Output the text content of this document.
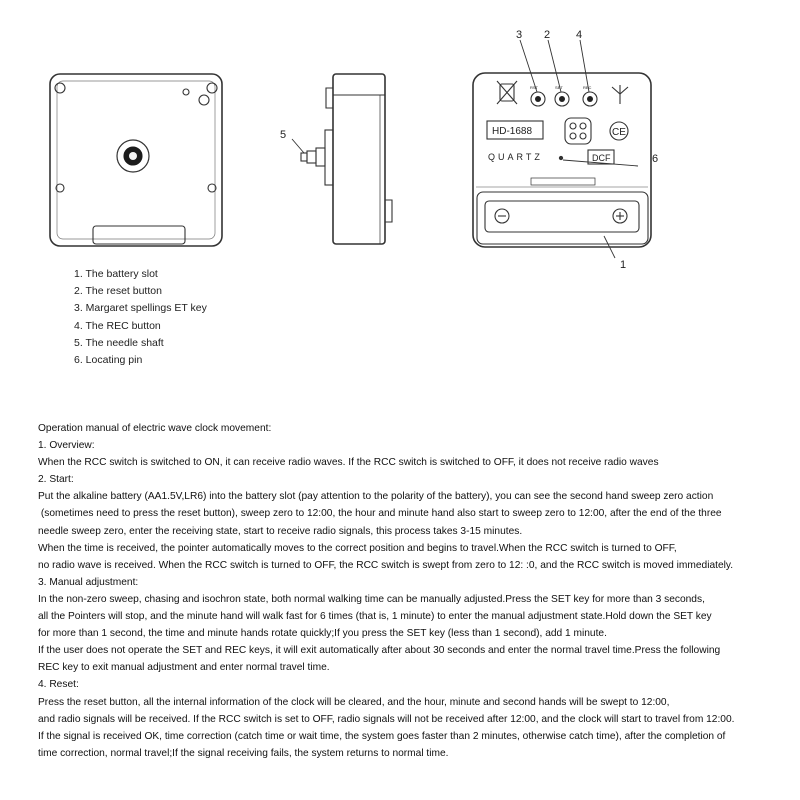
3 2 4
5
6
1
HD-1688
QUARTZ	DCF
CE
RST	SET	REC
1. The battery slot
2. The reset button
3. Margaret spellings ET key
4. The REC button
5. The needle shaft
6. Locating pin

Operation manual of electric wave clock movement:

1. Overview:

When the RCC switch is switched to ON, it can receive radio waves. If the RCC switch is switched to OFF, it does not receive radio waves

2. Start:

Put the alkaline battery (AA1.5V,LR6) into the battery slot (pay attention to the polarity of the battery), you can see the second hand sweep zero action

(sometimes need to press the reset button), sweep zero to 12:00, the hour and minute hand also start to sweep zero to 12:00, after the end of the three

needle sweep zero, enter the receiving state, start to receive radio signals, this process takes 3-15 minutes.

When the time is received, the pointer automatically moves to the correct position and begins to travel.When the RCC switch is turned to OFF,

no radio wave is received. When the RCC switch is turned to OFF, the RCC switch is swept from zero to 12: :0, and the RCC switch is moved immediately.

3. Manual adjustment:

In the non-zero sweep, chasing and isochron state, both normal walking time can be manually adjusted.Press the SET key for more than 3 seconds,

all the Pointers will stop, and the minute hand will walk fast for 6 times (that is, 1 minute) to enter the manual adjustment state.Hold down the SET key

for more than 1 second, the time and minute hands rotate quickly;If you press the SET key (less than 1 second), add 1 minute.

If the user does not operate the SET and REC keys, it will exit automatically after about 30 seconds and enter the normal travel time.Press the following

REC key to exit manual adjustment and enter normal travel time.

4. Reset:

Press the reset button, all the internal information of the clock will be cleared, and the hour, minute and second hands will be swept to 12:00,

and radio signals will be received. If the RCC switch is set to OFF, radio signals will not be received after 12:00, and the clock will start to travel from 12:00.

If the signal is received OK, time correction (catch time or wait time, the system goes faster than 2 minutes, otherwise catch time), after the completion of

time correction, normal travel;If the signal receiving fails, the system returns to normal time.
